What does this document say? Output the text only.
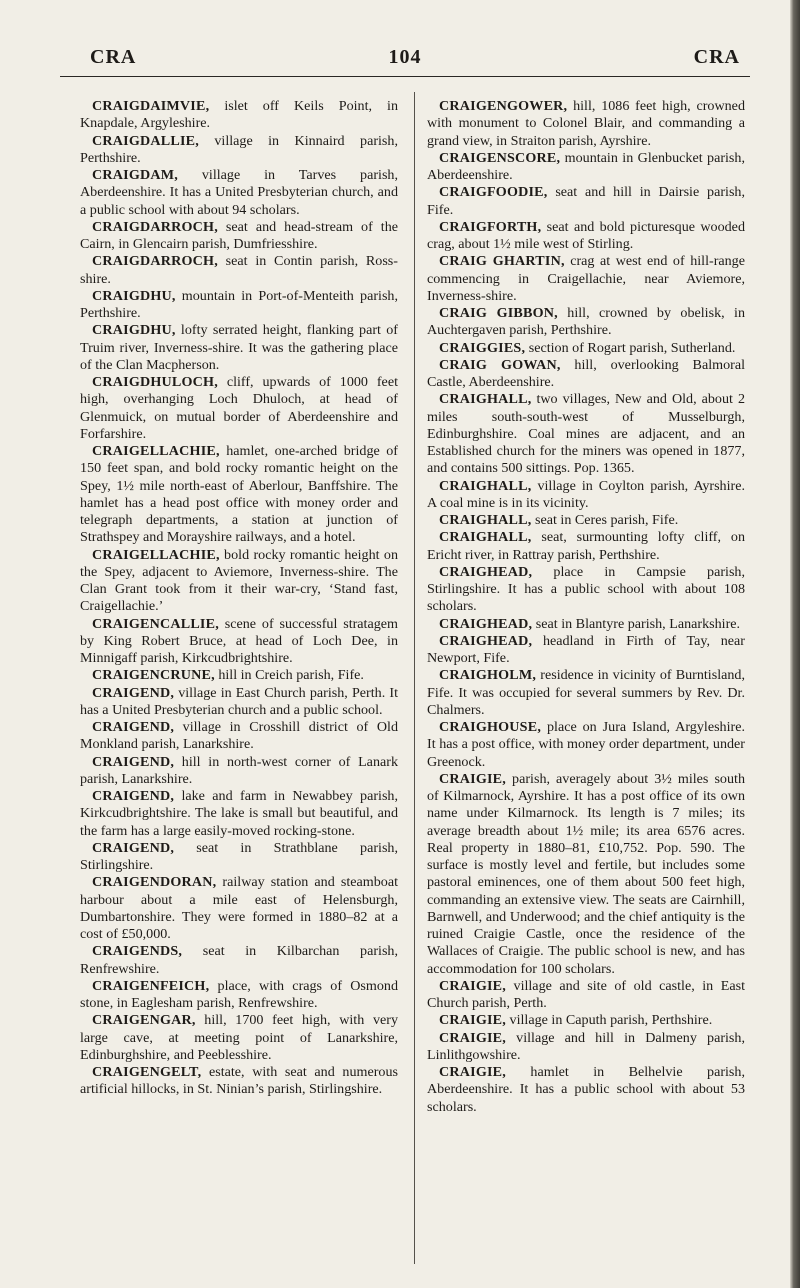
CRA	104	CRA

CRAIGDAIMVIE, islet off Keils Point, in Knapdale, Argyleshire.

CRAIGDALLIE, village in Kinnaird parish, Perthshire.

CRAIGDAM, village in Tarves parish, Aberdeenshire. It has a United Presbyterian church, and a public school with about 94 scholars.

CRAIGDARROCH, seat and head-stream of the Cairn, in Glencairn parish, Dumfriesshire.

CRAIGDARROCH, seat in Contin parish, Ross-shire.

CRAIGDHU, mountain in Port-of-Menteith parish, Perthshire.

CRAIGDHU, lofty serrated height, flanking part of Truim river, Inverness-shire. It was the gathering place of the Clan Macpherson.

CRAIGDHULOCH, cliff, upwards of 1000 feet high, overhanging Loch Dhuloch, at head of Glenmuick, on mutual border of Aberdeenshire and Forfarshire.

CRAIGELLACHIE, hamlet, one-arched bridge of 150 feet span, and bold rocky romantic height on the Spey, 1½ mile north-east of Aberlour, Banffshire. The hamlet has a head post office with money order and telegraph departments, a station at junction of Strathspey and Morayshire railways, and a hotel.

CRAIGELLACHIE, bold rocky romantic height on the Spey, adjacent to Aviemore, Inverness-shire. The Clan Grant took from it their war-cry, ‘Stand fast, Craigellachie.’

CRAIGENCALLIE, scene of successful stratagem by King Robert Bruce, at head of Loch Dee, in Minnigaff parish, Kirkcudbrightshire.

CRAIGENCRUNE, hill in Creich parish, Fife.

CRAIGEND, village in East Church parish, Perth. It has a United Presbyterian church and a public school.

CRAIGEND, village in Crosshill district of Old Monkland parish, Lanarkshire.

CRAIGEND, hill in north-west corner of Lanark parish, Lanarkshire.

CRAIGEND, lake and farm in Newabbey parish, Kirkcudbrightshire. The lake is small but beautiful, and the farm has a large easily-moved rocking-stone.

CRAIGEND, seat in Strathblane parish, Stirlingshire.

CRAIGENDORAN, railway station and steamboat harbour about a mile east of Helensburgh, Dumbartonshire. They were formed in 1880–82 at a cost of £50,000.

CRAIGENDS, seat in Kilbarchan parish, Renfrewshire.

CRAIGENFEICH, place, with crags of Osmond stone, in Eaglesham parish, Renfrewshire.

CRAIGENGAR, hill, 1700 feet high, with very large cave, at meeting point of Lanarkshire, Edinburghshire, and Peeblesshire.

CRAIGENGELT, estate, with seat and numerous artificial hillocks, in St. Ninian’s parish, Stirlingshire.

CRAIGENGOWER, hill, 1086 feet high, crowned with monument to Colonel Blair, and commanding a grand view, in Straiton parish, Ayrshire.

CRAIGENSCORE, mountain in Glenbucket parish, Aberdeenshire.

CRAIGFOODIE, seat and hill in Dairsie parish, Fife.

CRAIGFORTH, seat and bold picturesque wooded crag, about 1½ mile west of Stirling.

CRAIG GHARTIN, crag at west end of hill-range commencing in Craigellachie, near Aviemore, Inverness-shire.

CRAIG GIBBON, hill, crowned by obelisk, in Auchtergaven parish, Perthshire.

CRAIGGIES, section of Rogart parish, Sutherland.

CRAIG GOWAN, hill, overlooking Balmoral Castle, Aberdeenshire.

CRAIGHALL, two villages, New and Old, about 2 miles south-south-west of Musselburgh, Edinburghshire. Coal mines are adjacent, and an Established church for the miners was opened in 1877, and contains 500 sittings. Pop. 1365.

CRAIGHALL, village in Coylton parish, Ayrshire. A coal mine is in its vicinity.

CRAIGHALL, seat in Ceres parish, Fife.

CRAIGHALL, seat, surmounting lofty cliff, on Ericht river, in Rattray parish, Perthshire.

CRAIGHEAD, place in Campsie parish, Stirlingshire. It has a public school with about 108 scholars.

CRAIGHEAD, seat in Blantyre parish, Lanarkshire.

CRAIGHEAD, headland in Firth of Tay, near Newport, Fife.

CRAIGHOLM, residence in vicinity of Burntisland, Fife. It was occupied for several summers by Rev. Dr. Chalmers.

CRAIGHOUSE, place on Jura Island, Argyleshire. It has a post office, with money order department, under Greenock.

CRAIGIE, parish, averagely about 3½ miles south of Kilmarnock, Ayrshire. It has a post office of its own name under Kilmarnock. Its length is 7 miles; its average breadth about 1½ mile; its area 6576 acres. Real property in 1880–81, £10,752. Pop. 590. The surface is mostly level and fertile, but includes some pastoral eminences, one of them about 500 feet high, commanding an extensive view. The seats are Cairnhill, Barnwell, and Underwood; and the chief antiquity is the ruined Craigie Castle, once the residence of the Wallaces of Craigie. The public school is new, and has accommodation for 100 scholars.

CRAIGIE, village and site of old castle, in East Church parish, Perth.

CRAIGIE, village in Caputh parish, Perthshire.

CRAIGIE, village and hill in Dalmeny parish, Linlithgowshire.

CRAIGIE, hamlet in Belhelvie parish, Aberdeenshire. It has a public school with about 53 scholars.
